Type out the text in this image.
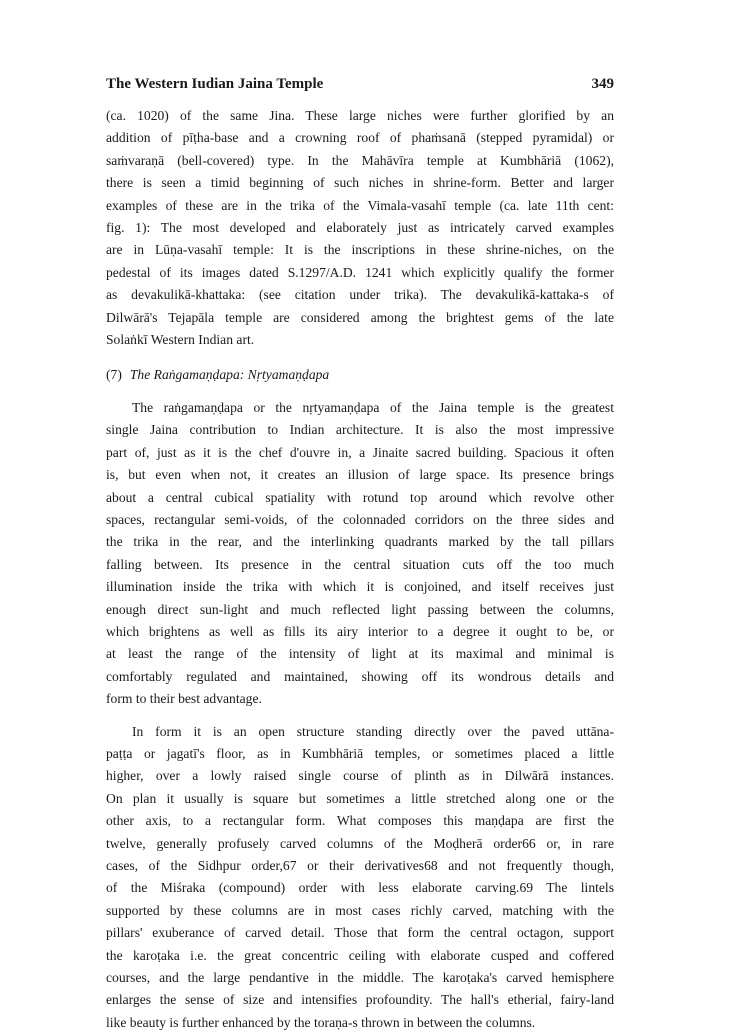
The Western Iudian Jaina Temple	349

(ca. 1020) of the same Jina. These large niches were further glorified by an
addition of pīṭha-base and a crowning roof of phaṁsanā (stepped pyramidal) or
saṁvaraṇā (bell-covered) type. In the Mahāvīra temple at Kumbhāriā (1062),
there is seen a timid beginning of such niches in shrine-form. Better and larger
examples of these are in the trika of the Vimala-vasahī temple (ca. late 11th cent:
fig. 1): The most developed and elaborately just as intricately carved examples
are in Lūṇa-vasahī temple: It is the inscriptions in these shrine-niches, on the
pedestal of its images dated S.1297/A.D. 1241 which explicitly qualify the former
as devakulikā-khattaka: (see citation under trika). The devakulikā-kattaka-s of
Dilwārā's Tejapāla temple are considered among the brightest gems of the late
Solaṅkī Western Indian art.

(7) The Raṅgamaṇḍapa: Nṛtyamaṇḍapa

The raṅgamaṇḍapa or the nṛtyamaṇḍapa of the Jaina temple is the greatest
single Jaina contribution to Indian architecture. It is also the most impressive
part of, just as it is the chef d'ouvre in, a Jinaite sacred building. Spacious it often
is, but even when not, it creates an illusion of large space. Its presence brings
about a central cubical spatiality with rotund top around which revolve other
spaces, rectangular semi-voids, of the colonnaded corridors on the three sides and
the trika in the rear, and the interlinking quadrants marked by the tall pillars
falling between. Its presence in the central situation cuts off the too much
illumination inside the trika with which it is conjoined, and itself receives just
enough direct sun-light and much reflected light passing between the columns,
which brightens as well as fills its airy interior to a degree it ought to be, or
at least the range of the intensity of light at its maximal and minimal is
comfortably regulated and maintained, showing off its wondrous details and
form to their best advantage.

In form it is an open structure standing directly over the paved uttāna-
paṭṭa or jagatī's floor, as in Kumbhāriā temples, or sometimes placed a little
higher, over a lowly raised single course of plinth as in Dilwārā instances.
On plan it usually is square but sometimes a little stretched along one or the
other axis, to a rectangular form. What composes this maṇḍapa are first the
twelve, generally profusely carved columns of the Moḍherā order66 or, in rare
cases, of the Sidhpur order,67 or their derivatives68 and not frequently though,
of the Miśraka (compound) order with less elaborate carving.69 The lintels
supported by these columns are in most cases richly carved, matching with the
pillars' exuberance of carved detail. Those that form the central octagon, support
the karoṭaka i.e. the great concentric ceiling with elaborate cusped and coffered
courses, and the large pendantive in the middle. The karoṭaka's carved hemisphere
enlarges the sense of size and intensifies profoundity. The hall's etherial, fairy-land
like beauty is further enhanced by the toraṇa-s thrown in between the columns.
